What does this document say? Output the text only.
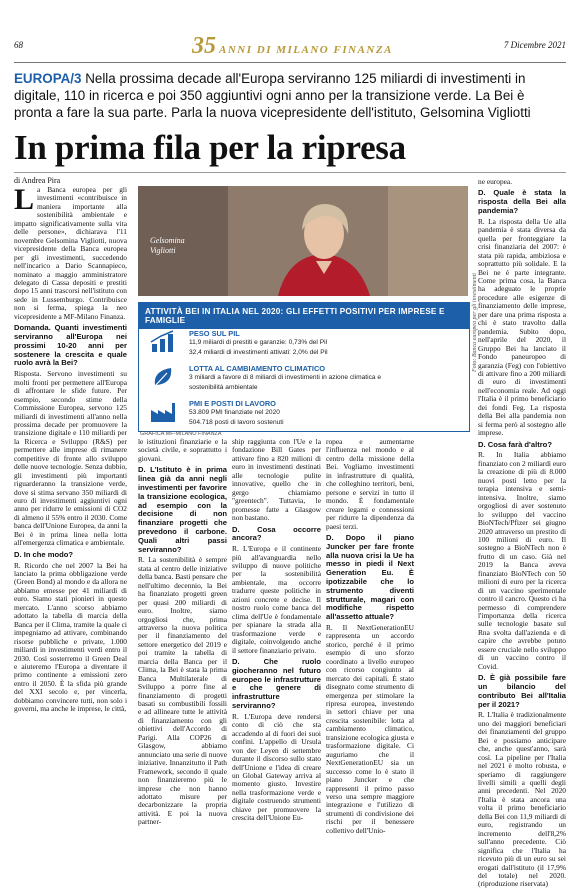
68	35 ANNI DI MILANO FINANZA	7 Dicembre 2021
EUROPA/3 Nella prossima decade all'Europa serviranno 125 miliardi di investimenti in digitale, 110 in ricerca e poi 350 aggiuntivi ogni anno per la transizione verde. La Bei è pronta a fare la sua parte. Parla la nuova vicepresidente dell'istituto, Gelsomina Vigliotti
In prima fila per la ripresa
di Andrea Pira

La Banca europea per gli investimenti «contribuisce in maniera importante alla sostenibilità ambientale e impatto significativamente sulla vita delle persone», dichiarava l'11 novembre Gelsomina Vigliotti, nuova vicepresidente della Banca europea per gli investimenti, succedendo nell'incarico a Dario Scannapieco, nominato a maggio amministratore delegato di Cassa depositi e prestiti dopo 15 anni trascorsi nell'istituto con sede in Lussemburgo. Contribuisce non si ferma, spiega la neo vicepresidente a MF-Milano Finanza.

Domanda. Quanti investimenti serviranno all'Europa nei prossimi 10-20 anni per sostenere la crescita e quale ruolo avrà la Bei?

Risposta. Servono investimenti su molti fronti per permettere all'Europa di affrontare le sfide future. Per esempio, secondo stime della Commissione Europea, servono 125 miliardi di investimenti all'anno nella prossima decade per promuovere la transizione digitale e 110 miliardi per la Ricerca e Sviluppo (R&S) per permettere alle imprese di rimanere competitive di fronte allo sviluppo delle nuove tecnologie. Senza dubbio, gli investimenti più importanti riguarderanno la transizione verde, dove si stima servano 350 miliardi di euro di investimenti aggiuntivi ogni anno per ridurre le emissioni di CO2 di almeno il 55% entro il 2030. Come banca dell'Unione Europea, da anni la Bei è in prima linea nella lotta all'emergenza climatica e ambientale.

D. In che modo?

R. Ricordo che nel 2007 la Bei ha lanciato la prima obbligazione verde (Green Bond) al mondo e da allora ne abbiamo emesse per 41 miliardi di euro. Siamo stati pionieri in questo mercato. L'anno scorso abbiamo adottato la tabella di marcia della Banca per il Clima, tramite la quale ci impegniamo ad attivare, combinando risorse pubbliche e private, 1.000 miliardi in investimenti verdi entro il 2030. Così sosterremo il Green Deal e aiuteremo l'Europa a diventare il primo continente a emissioni zero entro il 2050. È la sfida più grande del XXI secolo e, per vincerla, dobbiamo convincere tutti, non solo i governi, ma anche le imprese, le città,

Gelsomina
Vigliotti
Foto: Banca europea per gli investimenti
ATTIVITÀ BEI IN ITALIA NEL 2020: GLI EFFETTI POSITIVI PER IMPRESE E FAMIGLIE
PESO SUL PIL
11,9 miliardi di prestiti e garanzie: 0,73% del Pil
32,4 miliardi di investimenti attivati: 2,0% del Pil
LOTTA AL CAMBIAMENTO CLIMATICO
3 miliardi a favore di 8 miliardi di investimenti in azione climatica e
sostenibilità ambientale
PMI E POSTI DI LAVORO
53.809 PMI finanziate nel 2020
504.718 posti di lavoro sostenuti
GRAFICA MF-MILANO FINANZA

le istituzioni finanziarie e la società civile, e soprattutto i giovani.

D. L'Istituto è in prima linea già da anni negli investimenti per favorire la transizione ecologica, ad esempio con la decisione di non finanziare progetti che prevedono il carbone. Quali altri passi serviranno?

R. La sostenibilità è sempre stata al centro delle iniziative della banca. Basti pensare che nell'ultimo decennio, la Bei ha finanziato progetti green per quasi 200 miliardi di euro. Inoltre, siamo orgogliosi che, prima attraverso la nuova politica per il finanziamento del settore energetico del 2019 e poi tramite la tabella di marcia della Banca per il Clima, la Bei è stata la prima Banca Multilaterale di Sviluppo a porre fine al finanziamento di progetti basati su combustibili fossili e ad allineare tutte le attività di finanziamento con gli obiettivi dell'Accordo di Parigi. Alla COP26 di Glasgow, abbiamo annunciato una serie di nuove iniziative. Innanzitutto il Path Framework, secondo il quale non finanzieremo più le imprese che non hanno adottato misure per decarbonizzare la propria attività. E poi la nuova partner-

ship raggiunta con l'Ue e la fondazione Bill Gates per attivare fino a 820 milioni di euro in investimenti destinati alle tecnologie pulite innovative, quello che in gergo chiamiamo "greentech". Tuttavia, le promesse fatte a Glasgow non bastano.

D. Cosa occorre ancora?

R. L'Europa e il continente più all'avanguardia nello sviluppo di nuove politiche per la sostenibilità ambientale, ma occorre tradurre queste politiche in azioni concrete e decise. Il nostro ruolo come banca del clima dell'Ue è fondamentale per spianare la strada alla trasformazione verde e digitale, coinvolgendo anche il settore finanziario privato.

D. Che ruolo giocheranno nel futuro europeo le infrastrutture e che genere di infrastrutture serviranno?

R. L'Europa deve rendersi conto di ciò che sta accadendo al di fuori dei suoi confini. L'appello di Ursula von der Leyen di settembre durante il discorso sullo stato dell'Unione e l'idea di creare un Global Gateway arriva al momento giusto. Investire nella trasformazione verde e digitale costruendo strumenti chiave per promuovere la crescita dell'Unione Eu-

ropea e aumentarne l'influenza nel mondo e al centro della missione della Bei. Vogliamo investimenti in infrastrutture di qualità, che colleghino territori, beni, persone e servizi in tutto il mondo. È fondamentale creare legami e connessioni per ridurre la dipendenza da paesi terzi.

D. Dopo il piano Juncker per fare fronte alla nuova crisi la Ue ha messo in piedi il Next Generation Eu. È ipotizzabile che lo strumento diventi strutturale, magari con modifiche rispetto all'assetto attuale?

R. Il NextGenerationEU rappresenta un accordo storico, perché è il primo esempio di uno sforzo coordinato a livello europeo con ricorso congiunto al mercato dei capitali. È stato disegnato come strumento di emergenza per stimolare la ripresa europea, investendo in settori chiave per una crescita sostenibile: lotta al cambiamento climatico, transizione ecologica giusta e trasformazione digitale. Ci auguriamo che il NextGenerationEU sia un successo come lo è stato il piano Juncker e che rappresenti il primo passo verso una sempre maggiore integrazione e l'utilizzo di strumenti di condivisione dei rischi per il benessere collettivo dell'Unio-

ne europea.

D. Quale è stata la risposta della Bei alla pandemia?

R. La risposta della Ue alla pandemia è stata diversa da quella per fronteggiare la crisi finanziaria del 2007: è stata più rapida, ambiziosa e soprattutto più solidale. E la Bei ne è parte integrante. Come prima cosa, la Banca ha adeguato le proprie procedure alle esigenze di finanziamento delle imprese, per dare una prima risposta a chi è stato travolto dalla pandemia. Subito dopo, nell'aprile del 2020, il Gruppo Bei ha lanciato il Fondo paneuropeo di garanzia (Feg) con l'obiettivo di attivare fino a 200 miliardi di euro di investimenti nell'economia reale. Ad oggi l'Italia è il primo beneficiario dei fondi Feg. La risposta della Bei alla pandemia non si ferma però al sostegno alle imprese.

D. Cosa farà d'altro?

R. In Italia abbiamo finanziato con 2 miliardi euro la creazione di più di 8.000 nuovi posti letto per la terapia intensiva e semi-intensiva. Inoltre, siamo orgogliosi di aver sostenuto lo sviluppo del vaccino BioNTech/Pfizer sei giugno 2020 attraverso un prestito di 100 milioni di euro. Il sostegno a BioNTech non è frutto di un caso. Già nel 2019 la Banca aveva finanziato BioNTech con 50 milioni di euro per la ricerca di un vaccino sperimentale contro il cancro. Questo ci ha permesso di comprendere l'importanza della ricerca sulle tecnologie basate sul Rna svolta dall'azienda e di capire che avrebbe potuto essere cruciale nello sviluppo di un vaccino contro il Covid.

D. È già possibile fare un bilancio del contributo Bei all'Italia per il 2021?

R. L'Italia è tradizionalmente uno dei maggiori beneficiari dei finanziamenti del gruppo Bei e possiamo anticipare che, anche quest'anno, sarà così. La pipeline per l'Italia nel 2021 è molto robusta, e speriamo di raggiungere livelli simili a quelli degli anni precedenti. Nel 2020 l'Italia è stata ancora una volta il primo beneficiario della Bei con 11,9 miliardi di euro, registrando un incremento dell'8,2% sull'anno precedente. Ciò significa che l'Italia ha ricevuto più di un euro su sei erogati dall'istituto (il 17,9% del totale) nel 2020. (riproduzione riservata)
